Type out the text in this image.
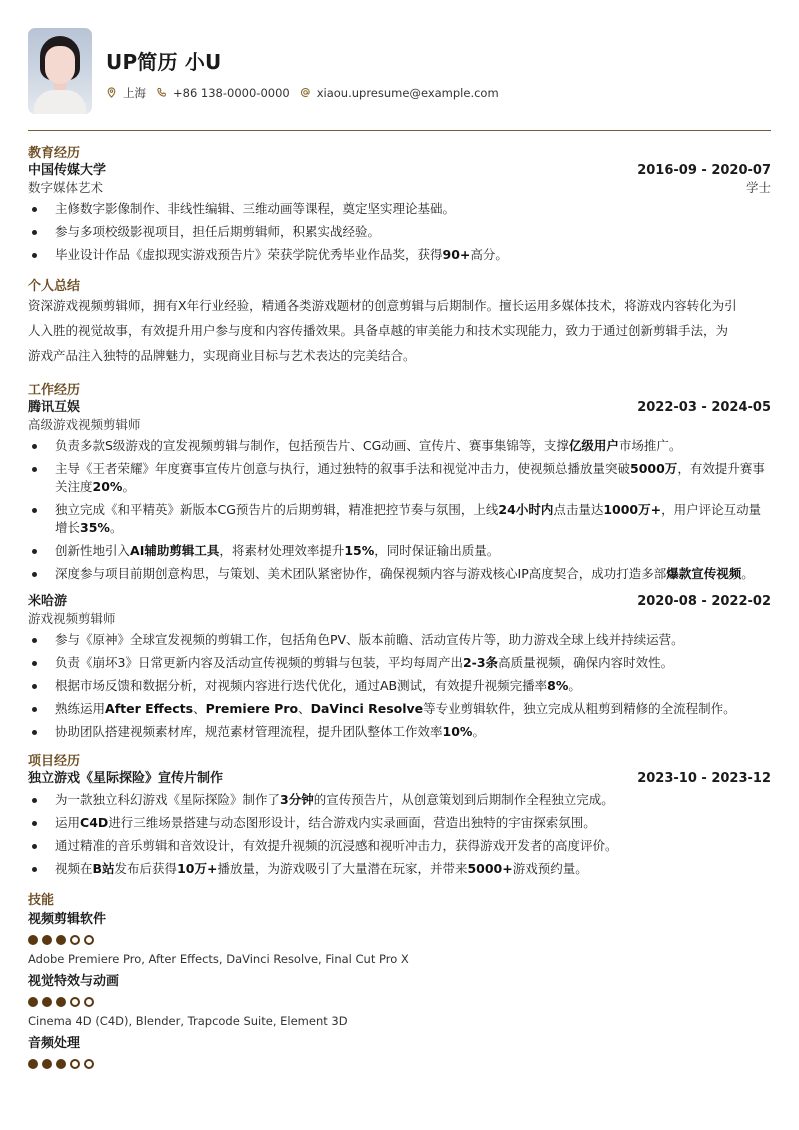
UP简历 小U
上海 +86 138-0000-0000 xiaou.upresume@example.com
教育经历
中国传媒大学	2016-09 - 2020-07
数字媒体艺术	学士
主修数字影像制作、非线性编辑、三维动画等课程，奠定坚实理论基础。
参与多项校级影视项目，担任后期剪辑师，积累实战经验。
毕业设计作品《虚拟现实游戏预告片》荣获学院优秀毕业作品奖，获得90+高分。
个人总结
资深游戏视频剪辑师，拥有X年行业经验，精通各类游戏题材的创意剪辑与后期制作。擅长运用多媒体技术，将游戏内容转化为引
人入胜的视觉故事，有效提升用户参与度和内容传播效果。具备卓越的审美能力和技术实现能力，致力于通过创新剪辑手法，为
游戏产品注入独特的品牌魅力，实现商业目标与艺术表达的完美结合。
工作经历
腾讯互娱	2022-03 - 2024-05
高级游戏视频剪辑师
负责多款S级游戏的宣发视频剪辑与制作，包括预告片、CG动画、宣传片、赛事集锦等，支撑亿级用户市场推广。
主导《王者荣耀》年度赛事宣传片创意与执行，通过独特的叙事手法和视觉冲击力，使视频总播放量突破5000万，有效提升赛事关注度20%。
独立完成《和平精英》新版本CG预告片的后期剪辑，精准把控节奏与氛围，上线24小时内点击量达1000万+，用户评论互动量增长35%。
创新性地引入AI辅助剪辑工具，将素材处理效率提升15%，同时保证输出质量。
深度参与项目前期创意构思，与策划、美术团队紧密协作，确保视频内容与游戏核心IP高度契合，成功打造多部爆款宣传视频。
米哈游	2020-08 - 2022-02
游戏视频剪辑师
参与《原神》全球宣发视频的剪辑工作，包括角色PV、版本前瞻、活动宣传片等，助力游戏全球上线并持续运营。
负责《崩坏3》日常更新内容及活动宣传视频的剪辑与包装，平均每周产出2-3条高质量视频，确保内容时效性。
根据市场反馈和数据分析，对视频内容进行迭代优化，通过AB测试，有效提升视频完播率8%。
熟练运用After Effects、Premiere Pro、DaVinci Resolve等专业剪辑软件，独立完成从粗剪到精修的全流程制作。
协助团队搭建视频素材库，规范素材管理流程，提升团队整体工作效率10%。
项目经历
独立游戏《星际探险》宣传片制作	2023-10 - 2023-12
为一款独立科幻游戏《星际探险》制作了3分钟的宣传预告片，从创意策划到后期制作全程独立完成。
运用C4D进行三维场景搭建与动态图形设计，结合游戏内实录画面，营造出独特的宇宙探索氛围。
通过精准的音乐剪辑和音效设计，有效提升视频的沉浸感和视听冲击力，获得游戏开发者的高度评价。
视频在B站发布后获得10万+播放量，为游戏吸引了大量潜在玩家，并带来5000+游戏预约量。
技能
视频剪辑软件
Adobe Premiere Pro, After Effects, DaVinci Resolve, Final Cut Pro X
视觉特效与动画
Cinema 4D (C4D), Blender, Trapcode Suite, Element 3D
音频处理
